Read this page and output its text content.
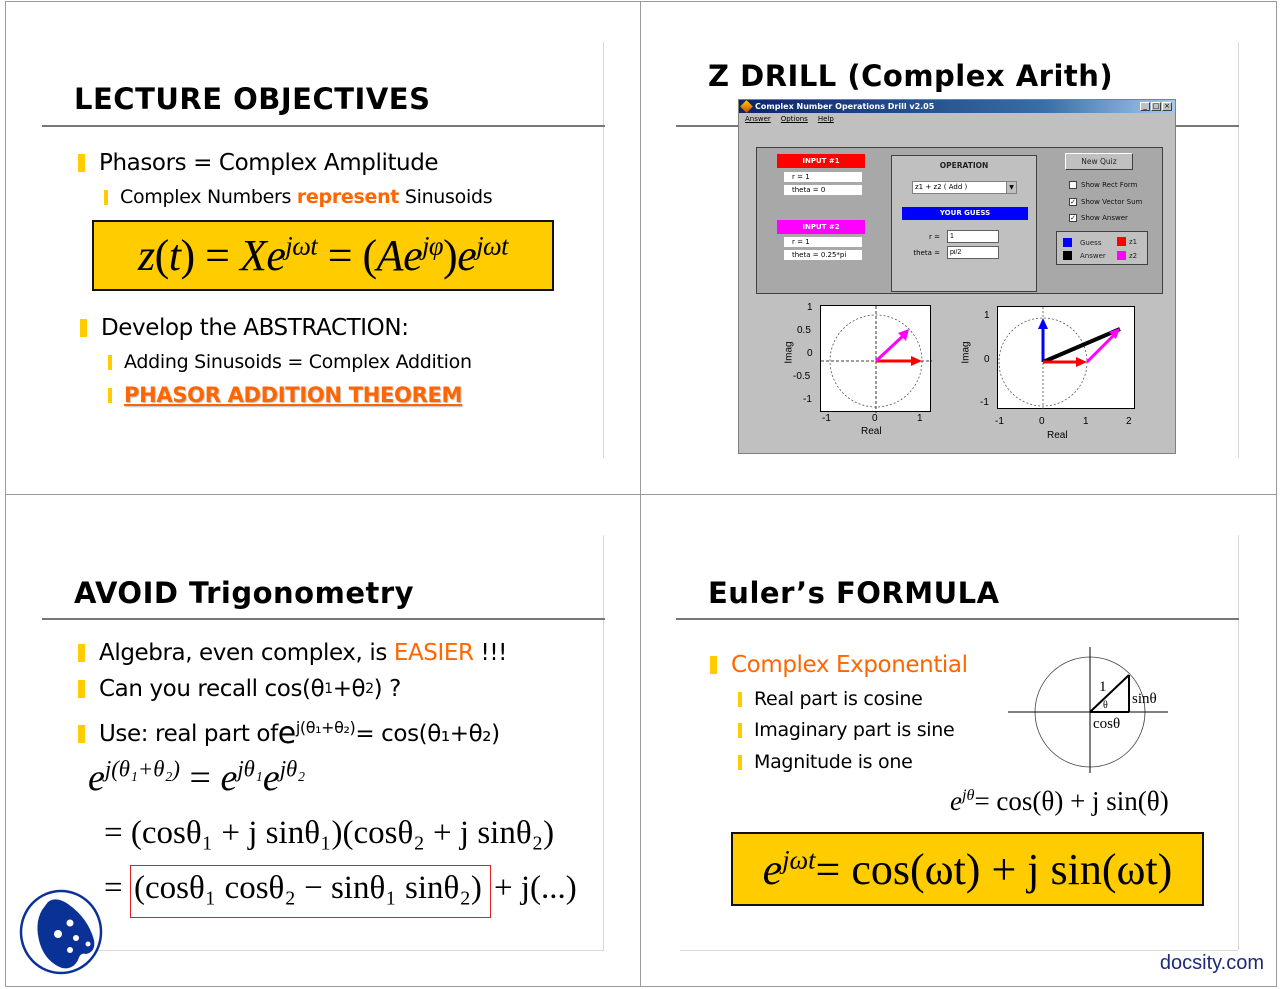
LECTURE OBJECTIVES
Phasors = Complex Amplitude
Complex Numbers
represent
Sinusoids
$z(t) = Xe^{j\omega t} = (Ae^{j\varphi})e^{j\omega t}$
Develop the ABSTRACTION:
Adding Sinusoids = Complex Addition
PHASOR ADDITION THEOREM
Z DRILL (Complex Arith)
Complex Number Operations Drill v2.05	_ □ ×
Answer Options Help
INPUT #1
r = 1
theta = 0
INPUT #2
r = 1
theta = 0.25*pi
OPERATION
z1 + z2 ( Add )	▼
YOUR GUESS
r =
1
theta =
pi/2
New Quiz
Show Rect Form
✓ Show Vector Sum
✓ Show Answer
Guess	z1
Answer	z2
Imag
1
0.5
0
-0.5
-1
-1	0	1
Real
Imag
1
0
-1
-1	0	1	2
Real
AVOID Trigonometry
Algebra, even complex, is
EASIER
!!!
Can you recall cos(θ 1 +θ 2 ) ?
Use: real part of $e^{j(\theta_1+\theta_2)} = \cos(\theta_1+\theta_2)$
$e^{j(\theta_1+\theta_2)} = e^{j\theta_1}e^{j\theta_2}$
= (cosθ₁ + j sinθ₁)(cosθ₂ + j sinθ₂)
= (cosθ₁ cosθ₂ − sinθ₁ sinθ₂) + j(...)
Euler’s FORMULA
Complex Exponential
Real part is cosine
Imaginary part is sine
Magnitude is one
1
θ sinθ
cosθ
$e^{j\theta}= \cos(\theta) + j$ sin(θ)
$e^{j\omega t}= \cos(\omega t) + j$ sin(ωt)
docsity.com
